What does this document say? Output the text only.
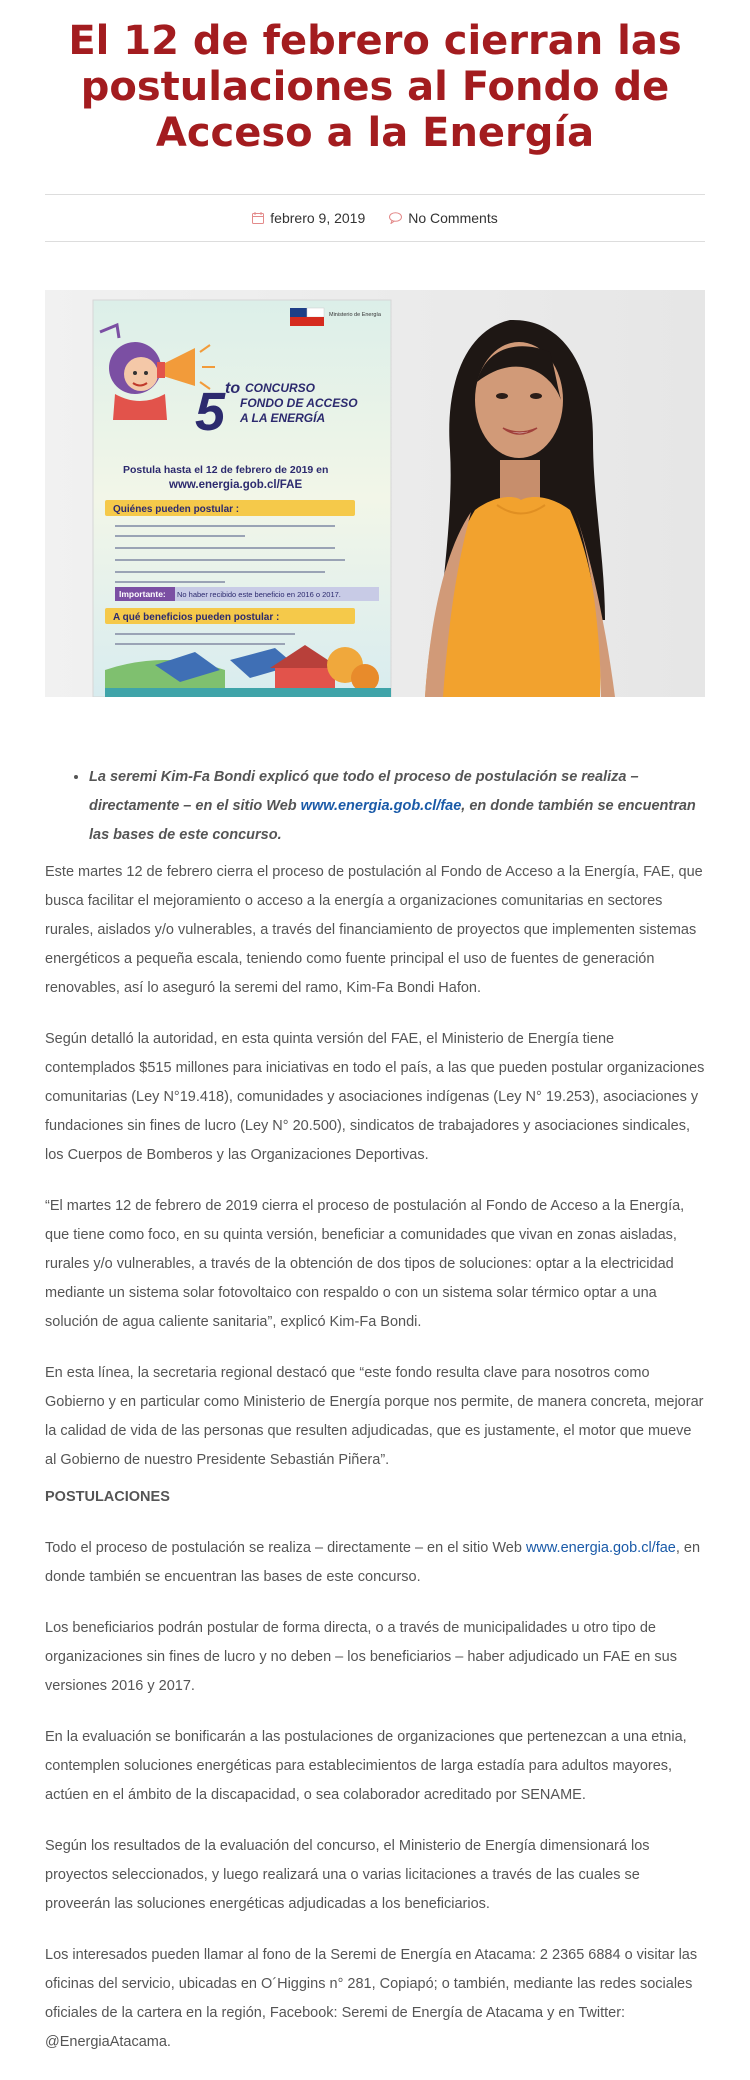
El 12 de febrero cierran las postulaciones al Fondo de Acceso a la Energía
febrero 9, 2019	No Comments
Ministerio de Energía
5 to CONCURSO
FONDO DE ACCESO
A LA ENERGÍA
Postula hasta el 12 de febrero de 2019 en
www.energia.gob.cl/FAE
Quiénes pueden postular :
Importante: No haber recibido este beneficio en 2016 o 2017.
A qué beneficios pueden postular :
• La seremi Kim-Fa Bondi explicó que todo el proceso de postulación se realiza – directamente – en el sitio Web www.energia.gob.cl/fae, en donde también se encuentran las bases de este concurso.

Este martes 12 de febrero cierra el proceso de postulación al Fondo de Acceso a la Energía, FAE, que busca facilitar el mejoramiento o acceso a la energía a organizaciones comunitarias en sectores rurales, aislados y/o vulnerables, a través del financiamiento de proyectos que implementen sistemas energéticos a pequeña escala, teniendo como fuente principal el uso de fuentes de generación renovables, así lo aseguró la seremi del ramo, Kim-Fa Bondi Hafon.

Según detalló la autoridad, en esta quinta versión del FAE, el Ministerio de Energía tiene contemplados $515 millones para iniciativas en todo el país, a las que pueden postular organizaciones comunitarias (Ley N°19.418), comunidades y asociaciones indígenas (Ley N° 19.253), asociaciones y fundaciones sin fines de lucro (Ley N° 20.500), sindicatos de trabajadores y asociaciones sindicales, los Cuerpos de Bomberos y las Organizaciones Deportivas.

“El martes 12 de febrero de 2019 cierra el proceso de postulación al Fondo de Acceso a la Energía, que tiene como foco, en su quinta versión, beneficiar a comunidades que vivan en zonas aisladas, rurales y/o vulnerables, a través de la obtención de dos tipos de soluciones: optar a la electricidad mediante un sistema solar fotovoltaico con respaldo o con un sistema solar térmico optar a una solución de agua caliente sanitaria”, explicó Kim-Fa Bondi.

En esta línea, la secretaria regional destacó que “este fondo resulta clave para nosotros como Gobierno y en particular como Ministerio de Energía porque nos permite, de manera concreta, mejorar la calidad de vida de las personas que resulten adjudicadas, que es justamente, el motor que mueve al Gobierno de nuestro Presidente Sebastián Piñera”.

POSTULACIONES

Todo el proceso de postulación se realiza – directamente – en el sitio Web www.energia.gob.cl/fae, en donde también se encuentran las bases de este concurso.

Los beneficiarios podrán postular de forma directa, o a través de municipalidades u otro tipo de organizaciones sin fines de lucro y no deben – los beneficiarios – haber adjudicado un FAE en sus versiones 2016 y 2017.

En la evaluación se bonificarán a las postulaciones de organizaciones que pertenezcan a una etnia, contemplen soluciones energéticas para establecimientos de larga estadía para adultos mayores, actúen en el ámbito de la discapacidad, o sea colaborador acreditado por SENAME.

Según los resultados de la evaluación del concurso, el Ministerio de Energía dimensionará los proyectos seleccionados, y luego realizará una o varias licitaciones a través de las cuales se proveerán las soluciones energéticas adjudicadas a los beneficiarios.

Los interesados pueden llamar al fono de la Seremi de Energía en Atacama: 2 2365 6884 o visitar las oficinas del servicio, ubicadas en O´Higgins n° 281, Copiapó; o también, mediante las redes sociales oficiales de la cartera en la región, Facebook: Seremi de Energía de Atacama y en Twitter: @EnergiaAtacama.
